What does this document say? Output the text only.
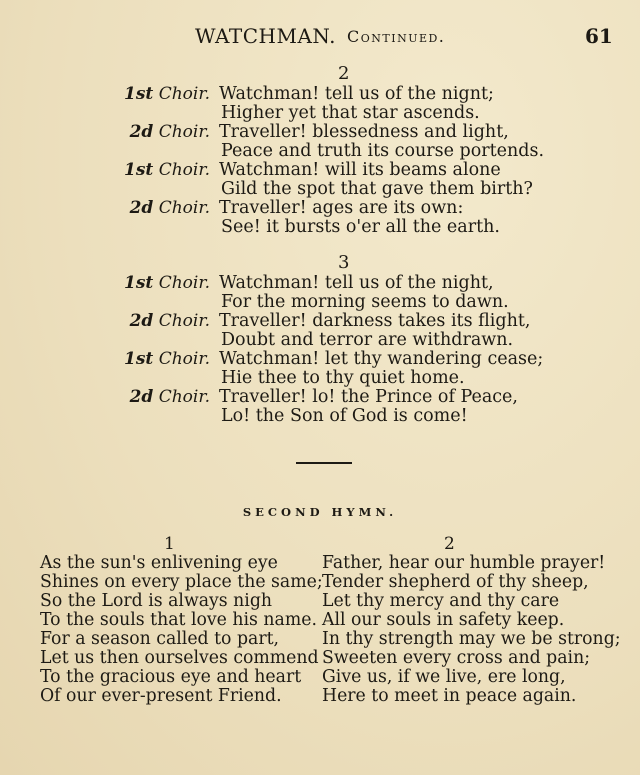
WATCHMAN. Continued.	61
2
1st Choir. Watchman! tell us of the nignt;
Higher yet that star ascends.
2d Choir. Traveller! blessedness and light,
Peace and truth its course portends.
1st Choir. Watchman! will its beams alone
Gild the spot that gave them birth?
2d Choir. Traveller! ages are its own:
See! it bursts o'er all the earth.
3
1st Choir. Watchman! tell us of the night,
For the morning seems to dawn.
2d Choir. Traveller! darkness takes its flight,
Doubt and terror are withdrawn.
1st Choir. Watchman! let thy wandering cease;
Hie thee to thy quiet home.
2d Choir. Traveller! lo! the Prince of Peace,
Lo! the Son of God is come!
SECOND HYMN.
1	2
As the sun's enlivening eye
Shines on every place the same;
So the Lord is always nigh
To the souls that love his name.
For a season called to part,
Let us then ourselves commend
To the gracious eye and heart
Of our ever-present Friend.
Father, hear our humble prayer!
Tender shepherd of thy sheep,
Let thy mercy and thy care
All our souls in safety keep.
In thy strength may we be strong;
Sweeten every cross and pain;
Give us, if we live, ere long,
Here to meet in peace again.
